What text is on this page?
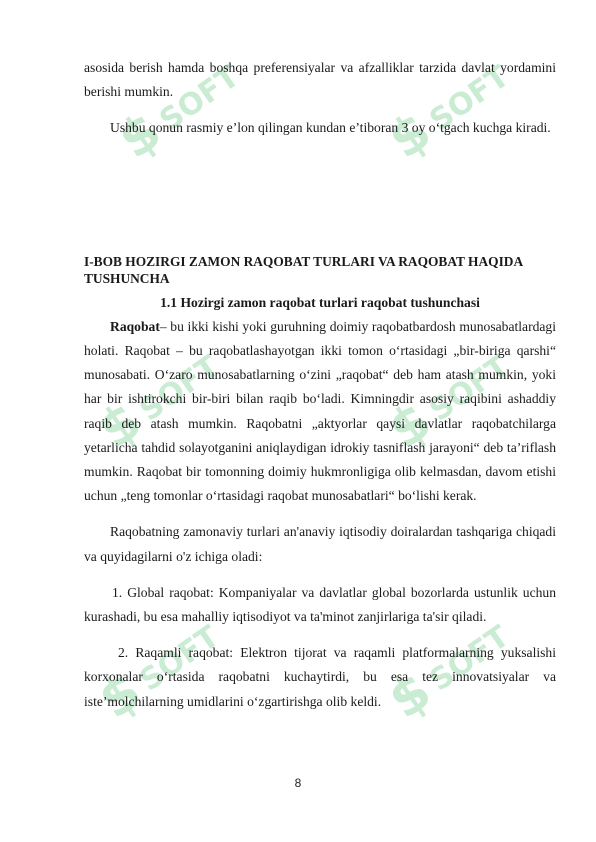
$
SOFT	$
SOFT
$
SOFT	$
SOFT
$
SOFT	$
SOFT

asosida berish hamda boshqa preferensiyalar va afzalliklar tarzida davlat yordamini berishi mumkin.

Ushbu qonun rasmiy e’lon qilingan kundan e’tiboran 3 oy o‘tgach kuchga kiradi.

I-BOB HOZIRGI ZAMON RAQOBAT TURLARI VA RAQOBAT HAQIDA TUSHUNCHA
1.1 Hozirgi zamon raqobat turlari raqobat tushunchasi

Raqobat– bu ikki kishi yoki guruhning doimiy raqobatbardosh munosabatlardagi holati. Raqobat – bu raqobatlashayotgan ikki tomon o‘rtasidagi „bir-biriga qarshi“ munosabati. O‘zaro munosabatlarning o‘zini „raqobat“ deb ham atash mumkin, yoki har bir ishtirokchi bir-biri bilan raqib bo‘ladi. Kimningdir asosiy raqibini ashaddiy raqib deb atash mumkin. Raqobatni „aktyorlar qaysi davlatlar raqobatchilarga yetarlicha tahdid solayotganini aniqlaydigan idrokiy tasniflash jarayoni“ deb ta’riflash mumkin. Raqobat bir tomonning doimiy hukmronligiga olib kelmasdan, davom etishi uchun „teng tomonlar o‘rtasidagi raqobat munosabatlari“ bo‘lishi kerak.

Raqobatning zamonaviy turlari an'anaviy iqtisodiy doiralardan tashqariga chiqadi va quyidagilarni o'z ichiga oladi:

1. Global raqobat: Kompaniyalar va davlatlar global bozorlarda ustunlik uchun kurashadi, bu esa mahalliy iqtisodiyot va ta'minot zanjirlariga ta'sir qiladi.

2. Raqamli raqobat: Elektron tijorat va raqamli platformalarning yuksalishi korxonalar o‘rtasida raqobatni kuchaytirdi, bu esa tez innovatsiyalar va iste’molchilarning umidlarini o‘zgartirishga olib keldi.

8
